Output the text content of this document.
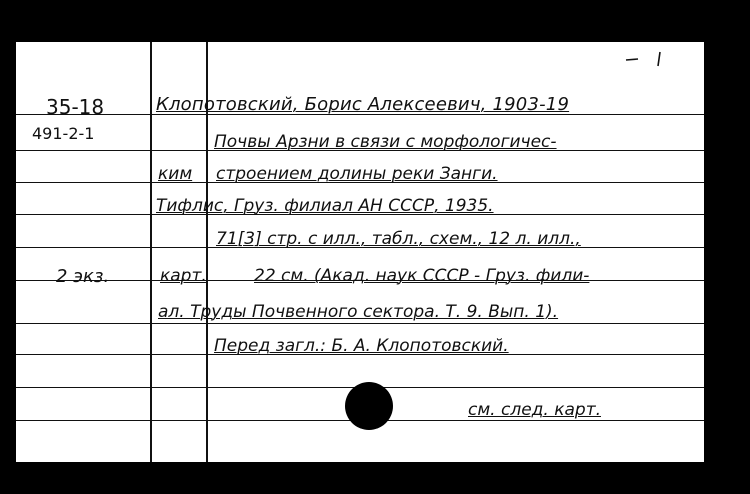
35-18
491-2-1
2 экз.
Клопотовский, Борис Алексеевич, 1903-19
Почвы Арзни в связи с морфологичес-
ким строением долины реки Занги.
Тифлис, Груз. филиал АН СССР, 1935.
71[3] стр. с илл., табл., схем., 12 л. илл.,
карт.	22 см. (Акад. наук СССР - Груз. фили-
ал. Труды Почвенного сектора. Т. 9. Вып. 1).
Перед загл.: Б. А. Клопотовский.
см. след. карт.
